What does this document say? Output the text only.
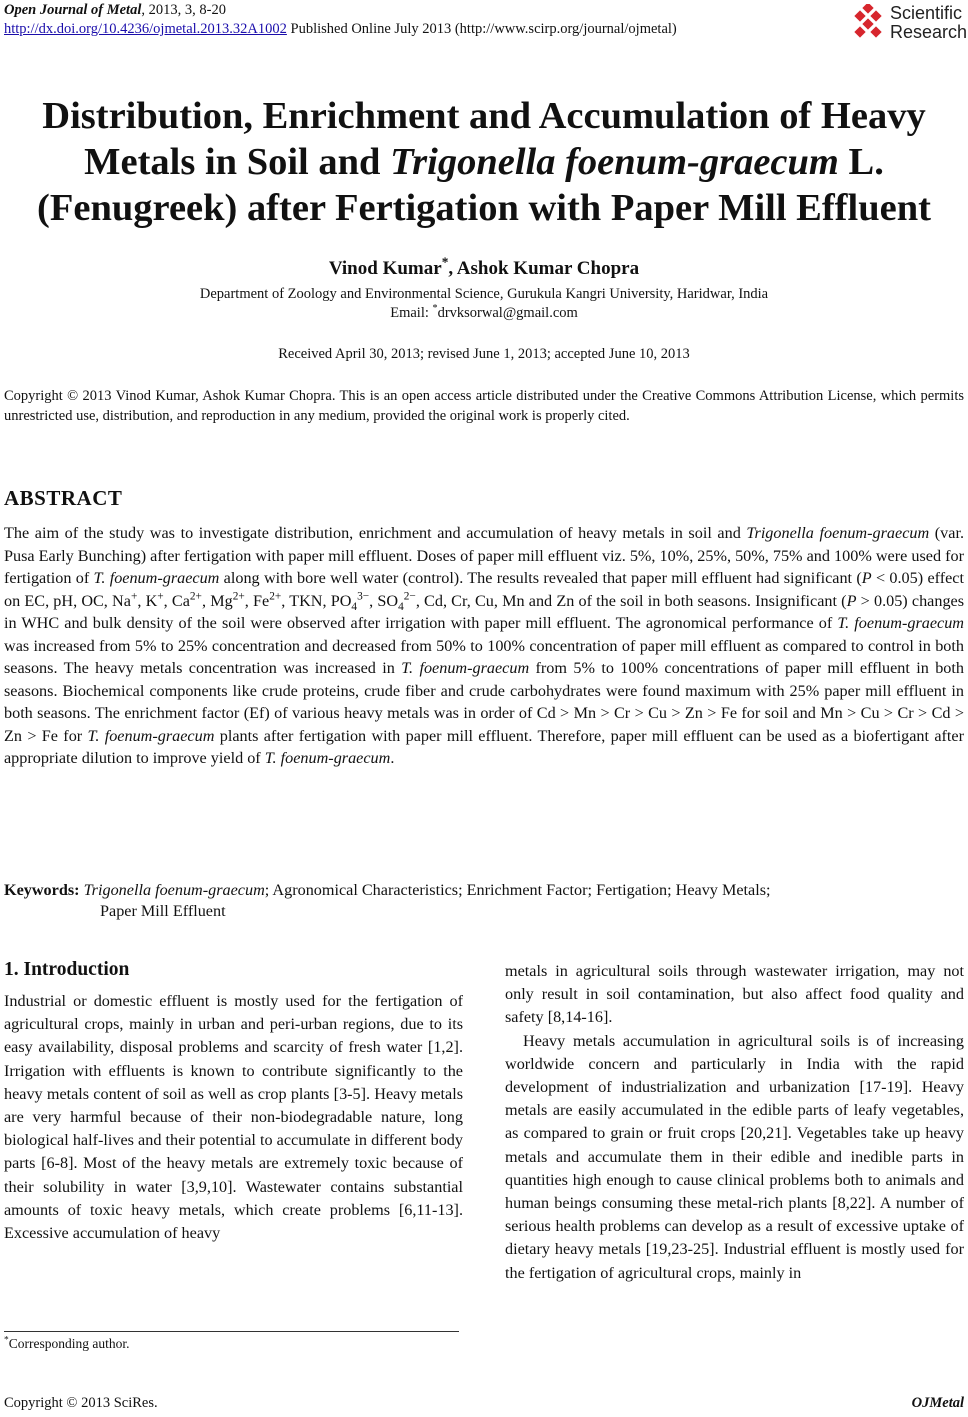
Open Journal of Metal, 2013, 3, 8-20
http://dx.doi.org/10.4236/ojmetal.2013.32A1002 Published Online July 2013 (http://www.scirp.org/journal/ojmetal)
Scientific
Research
Distribution, Enrichment and Accumulation of Heavy
Metals in Soil and Trigonella foenum-graecum L.
(Fenugreek) after Fertigation with Paper Mill Effluent
Vinod Kumar*, Ashok Kumar Chopra
Department of Zoology and Environmental Science, Gurukula Kangri University, Haridwar, India
Email: *drvksorwal@gmail.com
Received April 30, 2013; revised June 1, 2013; accepted June 10, 2013
Copyright © 2013 Vinod Kumar, Ashok Kumar Chopra. This is an open access article distributed under the Creative Commons Attribution License, which permits unrestricted use, distribution, and reproduction in any medium, provided the original work is properly cited.
ABSTRACT
The aim of the study was to investigate distribution, enrichment and accumulation of heavy metals in soil and Trigonella foenum-graecum (var. Pusa Early Bunching) after fertigation with paper mill effluent. Doses of paper mill effluent viz. 5%, 10%, 25%, 50%, 75% and 100% were used for fertigation of T. foenum-graecum along with bore well water (control). The results revealed that paper mill effluent had significant (P < 0.05) effect on EC, pH, OC, Na+, K+, $Ca^{2+}$, $Mg^{2+}$, $Fe^{2+}$, TKN, $PO_4^{3-}$, $SO_4^{2-}$, Cd, Cr, Cu, Mn and Zn of the soil in both seasons. Insignificant (P > 0.05) changes in WHC and bulk density of the soil were observed after irrigation with paper mill effluent. The agronomical performance of T. foenum-graecum was increased from 5% to 25% concentration and decreased from 50% to 100% concentration of paper mill effluent as compared to control in both seasons. The heavy metals concentration was increased in T. foenum-graecum from 5% to 100% concentrations of paper mill effluent in both seasons. Biochemical components like crude proteins, crude fiber and crude carbohydrates were found maximum with 25% paper mill effluent in both seasons. The enrichment factor (Ef) of various heavy metals was in order of Cd > Mn > Cr > Cu > Zn > Fe for soil and Mn > Cu > Cr > Cd > Zn > Fe for T. foenum-graecum plants after fertigation with paper mill effluent. Therefore, paper mill effluent can be used as a biofertigant after appropriate dilution to improve yield of T. foenum-graecum.
Keywords: Trigonella foenum-graecum; Agronomical Characteristics; Enrichment Factor; Fertigation; Heavy Metals;
Paper Mill Effluent
1. Introduction
Industrial or domestic effluent is mostly used for the fertigation of agricultural crops, mainly in urban and peri-urban regions, due to its easy availability, disposal problems and scarcity of fresh water [1,2]. Irrigation with effluents is known to contribute significantly to the heavy metals content of soil as well as crop plants [3-5]. Heavy metals are very harmful because of their non-biodegradable nature, long biological half-lives and their potential to accumulate in different body parts [6-8]. Most of the heavy metals are extremely toxic because of their solubility in water [3,9,10]. Wastewater contains substantial amounts of toxic heavy metals, which create problems [6,11-13]. Excessive accumulation of heavy
metals in agricultural soils through wastewater irrigation, may not only result in soil contamination, but also affect food quality and safety [8,14-16].
Heavy metals accumulation in agricultural soils is of increasing worldwide concern and particularly in India with the rapid development of industrialization and urbanization [17-19]. Heavy metals are easily accumulated in the edible parts of leafy vegetables, as compared to grain or fruit crops [20,21]. Vegetables take up heavy metals and accumulate them in their edible and inedible parts in quantities high enough to cause clinical problems both to animals and human beings consuming these metal-rich plants [8,22]. A number of serious health problems can develop as a result of excessive uptake of dietary heavy metals [19,23-25]. Industrial effluent is mostly used for the fertigation of agricultural crops, mainly in
*Corresponding author.
Copyright © 2013 SciRes.	OJMetal
